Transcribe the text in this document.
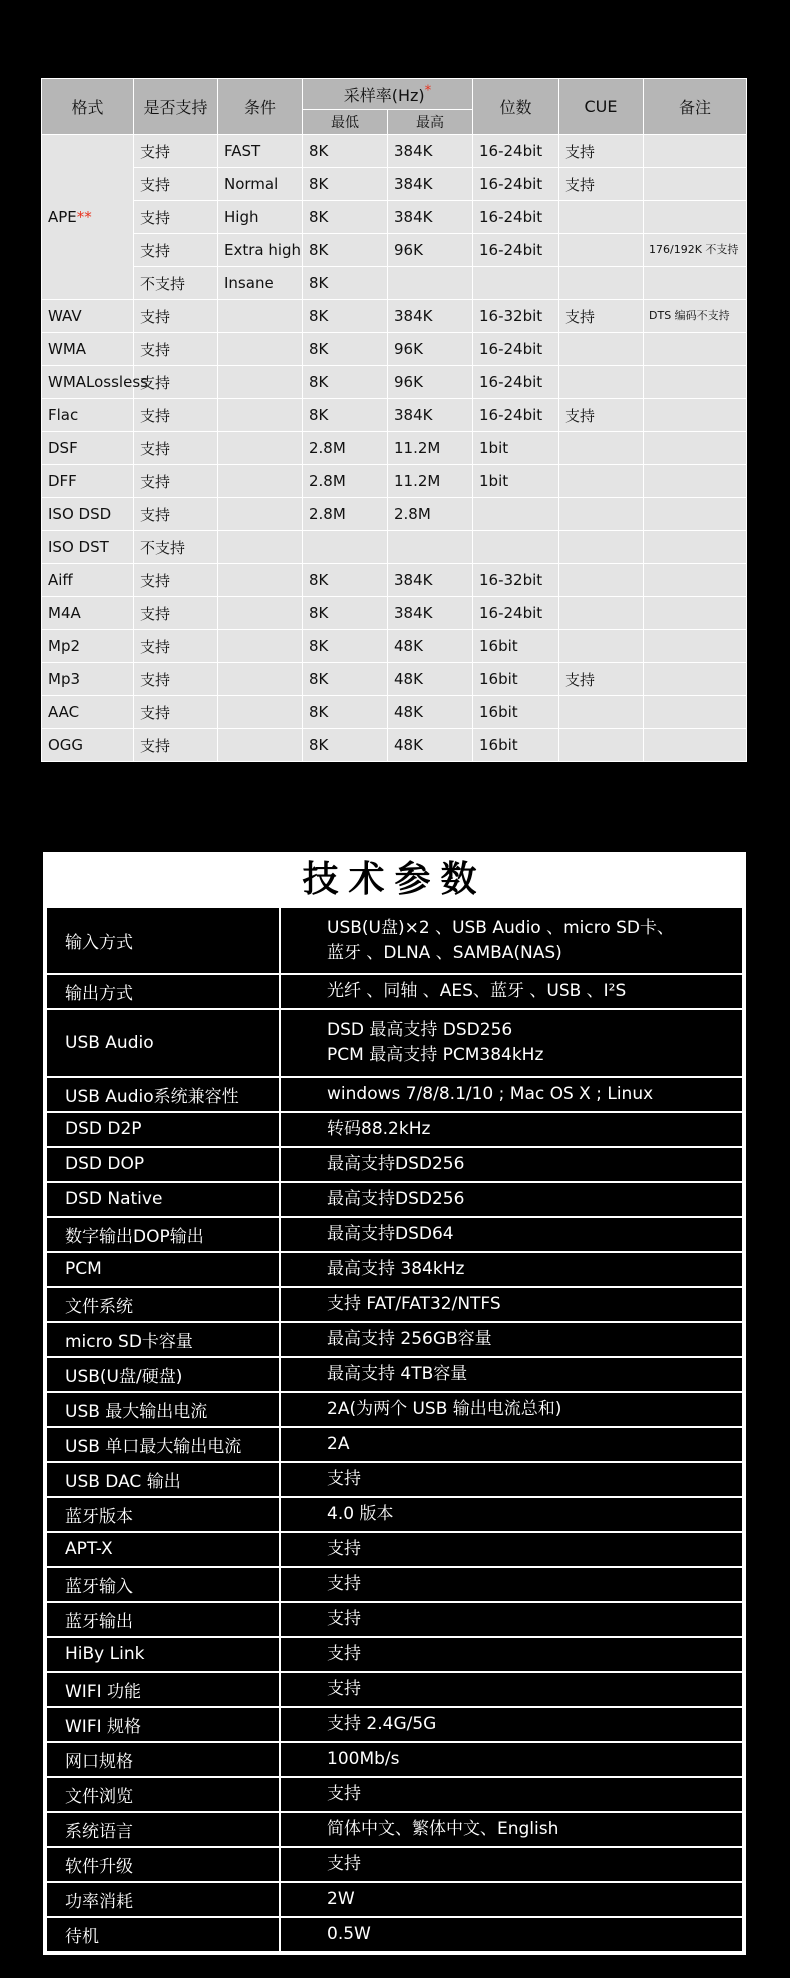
格式	是否支持	条件	采样率(Hz)*		位数	CUE	备注
			最低	最高			
APE**	支持	FAST	8K	384K	16-24bit	支持	
	支持	Normal	8K	384K	16-24bit	支持	
	支持	High	8K	384K	16-24bit		
	支持	Extra high	8K	96K	16-24bit		176/192K 不支持
	不支持	Insane	8K				
WAV	支持		8K	384K	16-32bit	支持	DTS 编码不支持
WMA	支持		8K	96K	16-24bit		
WMALossless	支持		8K	96K	16-24bit		
Flac	支持		8K	384K	16-24bit	支持	
DSF	支持		2.8M	11.2M	1bit		
DFF	支持		2.8M	11.2M	1bit		
ISO DSD	支持		2.8M	2.8M			
ISO DST	不支持						
Aiff	支持		8K	384K	16-32bit		
M4A	支持		8K	384K	16-24bit		
Mp2	支持		8K	48K	16bit		
Mp3	支持		8K	48K	16bit	支持	
AAC	支持		8K	48K	16bit		
OGG	支持		8K	48K	16bit		
技术参数
输入方式	USB(U盘)×2 、USB Audio 、micro SD卡、
蓝牙 、DLNA 、SAMBA(NAS)

输出方式	光纤 、同轴 、AES、蓝牙 、USB 、I²S

USB Audio	DSD 最高支持 DSD256
PCM 最高支持 PCM384kHz

USB Audio系统兼容性	windows 7/8/8.1/10 ; Mac OS X ; Linux

DSD D2P	转码88.2kHz

DSD DOP	最高支持DSD256

DSD Native	最高支持DSD256

数字输出DOP输出	最高支持DSD64

PCM	最高支持 384kHz

文件系统	支持 FAT/FAT32/NTFS

micro SD卡容量	最高支持 256GB容量

USB(U盘/硬盘)	最高支持 4TB容量

USB 最大输出电流	2A(为两个 USB 输出电流总和)

USB 单口最大输出电流	2A

USB DAC 输出	支持

蓝牙版本	4.0 版本

APT-X	支持

蓝牙输入	支持

蓝牙输出	支持

HiBy Link	支持

WIFI 功能	支持

WIFI 规格	支持 2.4G/5G

网口规格	100Mb/s

文件浏览	支持

系统语言	简体中文、繁体中文、English

软件升级	支持

功率消耗	2W

待机	0.5W
